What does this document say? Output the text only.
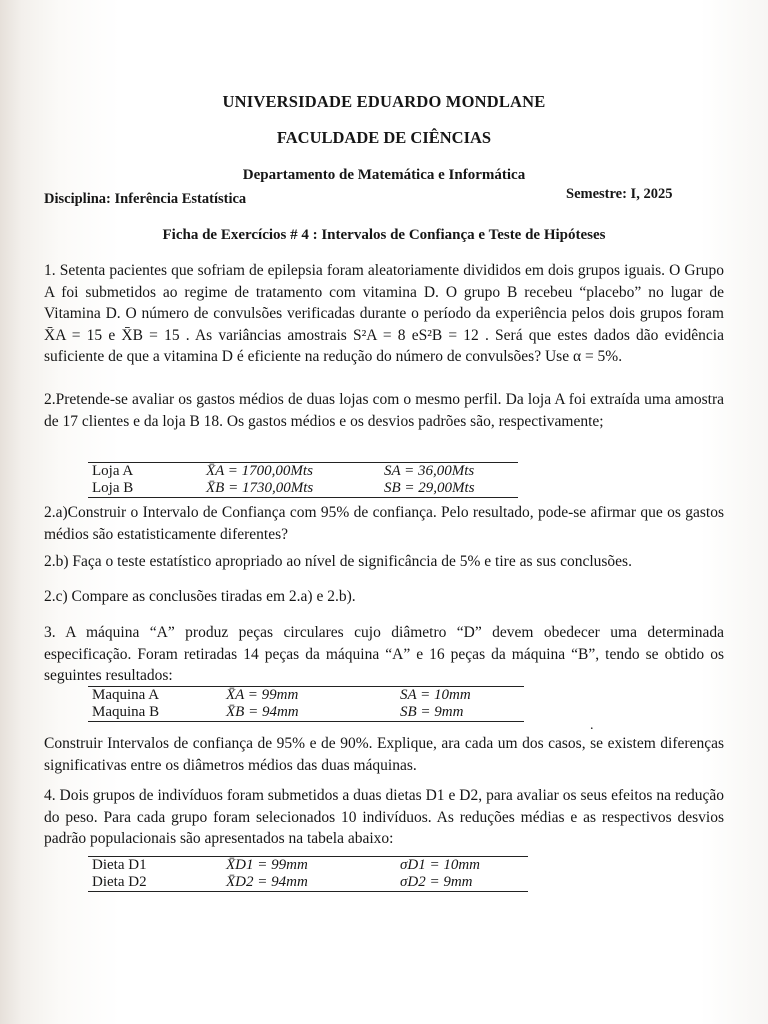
UNIVERSIDADE EDUARDO MONDLANE

FACULDADE DE CIÊNCIAS

Departamento de Matemática e Informática

Disciplina: Inferência Estatística	Semestre: I, 2025

Ficha de Exercícios # 4 : Intervalos de Confiança e Teste de Hipóteses

1. Setenta pacientes que sofriam de epilepsia foram aleatoriamente divididos em dois grupos iguais. O Grupo A foi submetidos ao regime de tratamento com vitamina D. O grupo B recebeu “placebo” no lugar de Vitamina D. O número de convulsões verificadas durante o período da experiência pelos dois grupos foram X̄A = 15 e X̄B = 15 . As variâncias amostrais S²A = 8 eS²B = 12 . Será que estes dados dão evidência suficiente de que a vitamina D é eficiente na redução do número de convulsões? Use α = 5%.

2.Pretende-se avaliar os gastos médios de duas lojas com o mesmo perfil. Da loja A foi extraída uma amostra de 17 clientes e da loja B 18. Os gastos médios e os desvios padrões são, respectivamente;

Loja A	X̄A = 1700,00Mts	SA = 36,00Mts
Loja B	X̄B = 1730,00Mts	SB = 29,00Mts

2.a)Construir o Intervalo de Confiança com 95% de confiança. Pelo resultado, pode-se afirmar que os gastos médios são estatisticamente diferentes?

2.b) Faça o teste estatístico apropriado ao nível de significância de 5% e tire as sus conclusões.

2.c) Compare as conclusões tiradas em 2.a) e 2.b).

3. A máquina “A” produz peças circulares cujo diâmetro “D” devem obedecer uma determinada especificação. Foram retiradas 14 peças da máquina “A” e 16 peças da máquina “B”, tendo se obtido os seguintes resultados:

Maquina A	X̄A = 99mm	SA = 10mm
Maquina B	X̄B = 94mm	SB = 9mm
.

Construir Intervalos de confiança de 95% e de 90%. Explique, ara cada um dos casos, se existem diferenças significativas entre os diâmetros médios das duas máquinas.

4. Dois grupos de indivíduos foram submetidos a duas dietas D1 e D2, para avaliar os seus efeitos na redução do peso. Para cada grupo foram selecionados 10 indivíduos. As reduções médias e as respectivos desvios padrão populacionais são apresentados na tabela abaixo:

Dieta D1	X̄D1 = 99mm	σD1 = 10mm
Dieta D2	X̄D2 = 94mm	σD2 = 9mm
